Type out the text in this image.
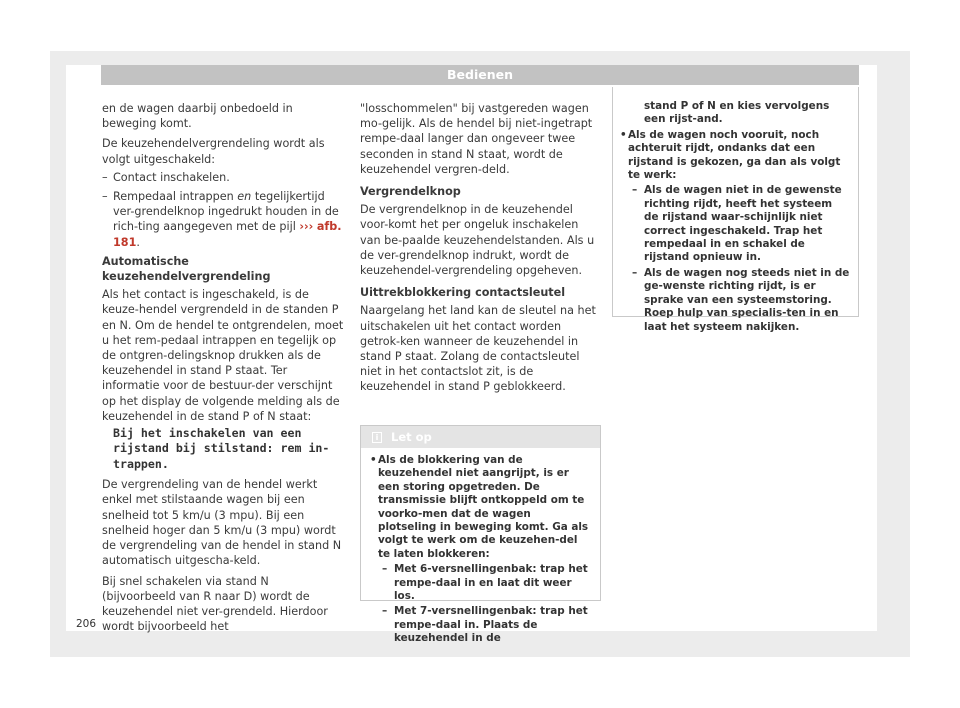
Bedienen

en de wagen daarbij onbedoeld in beweging komt.

De keuzehendelvergrendeling wordt als volgt uitgeschakeld:

– Contact inschakelen.
– Rempedaal intrappen en tegelijkertijd ver-grendelknop ingedrukt houden in de rich-ting aangegeven met de pijl ››› afb. 181.
Automatische keuzehendelvergrendeling

Als het contact is ingeschakeld, is de keuze-hendel vergrendeld in de standen P en N. Om de hendel te ontgrendelen, moet u het rem-pedaal intrappen en tegelijk op de ontgren-delingsknop drukken als de keuzehendel in stand P staat. Ter informatie voor de bestuur-der verschijnt op het display de volgende melding als de keuzehendel in de stand P of N staat:

Bij het inschakelen van een rijstand bij stilstand: rem in-trappen.

De vergrendeling van de hendel werkt enkel met stilstaande wagen bij een snelheid tot 5 km/u (3 mpu). Bij een snelheid hoger dan 5 km/u (3 mpu) wordt de vergrendeling van de hendel in stand N automatisch uitgescha-keld.

Bij snel schakelen via stand N (bijvoorbeeld van R naar D) wordt de keuzehendel niet ver-grendeld. Hierdoor wordt bijvoorbeeld het

"losschommelen" bij vastgereden wagen mo-gelijk. Als de hendel bij niet-ingetrapt rempe-daal langer dan ongeveer twee seconden in stand N staat, wordt de keuzehendel vergren-deld.

Vergrendelknop

De vergrendelknop in de keuzehendel voor-komt het per ongeluk inschakelen van be-paalde keuzehendelstanden. Als u de ver-grendelknop indrukt, wordt de keuzehendel-vergrendeling opgeheven.

Uittrekblokkering contactsleutel

Naargelang het land kan de sleutel na het uitschakelen uit het contact worden getrok-ken wanneer de keuzehendel in stand P staat. Zolang de contactsleutel niet in het contactslot zit, is de keuzehendel in stand P geblokkeerd.

i	Let op
• Als de blokkering van de keuzehendel niet aangrijpt, is er een storing opgetreden. De transmissie blijft ontkoppeld om te voorko-men dat de wagen plotseling in beweging komt. Ga als volgt te werk om de keuzehen-del te laten blokkeren:
– Met 6-versnellingenbak: trap het rempe-daal in en laat dit weer los.
– Met 7-versnellingenbak: trap het rempe-daal in. Plaats de keuzehendel in de
stand P of N en kies vervolgens een rijst-and.
• Als de wagen noch vooruit, noch achteruit rijdt, ondanks dat een rijstand is gekozen, ga dan als volgt te werk:
– Als de wagen niet in de gewenste richting rijdt, heeft het systeem de rijstand waar-schijnlijk niet correct ingeschakeld. Trap het rempedaal in en schakel de rijstand opnieuw in.
– Als de wagen nog steeds niet in de ge-wenste richting rijdt, is er sprake van een systeemstoring. Roep hulp van specialis-ten in en laat het systeem nakijken.
206
